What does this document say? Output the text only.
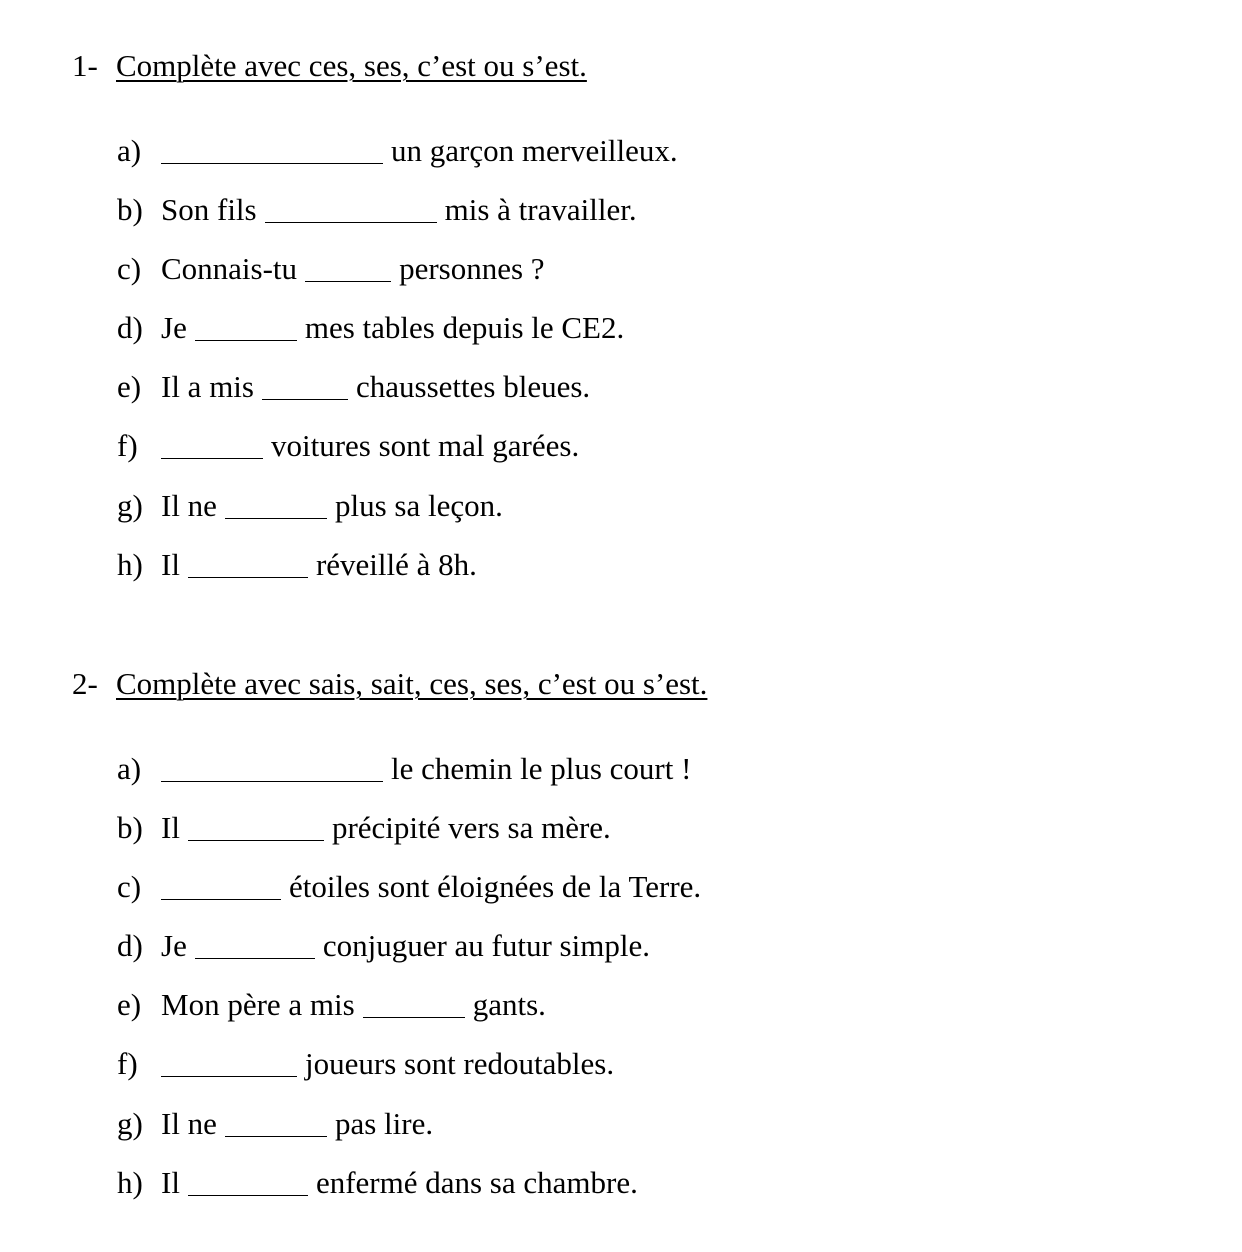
1- Complète avec ces, ses, c’est ou s’est.
a)	un garçon merveilleux.
b) Son fils	mis à travailler.
c) Connais-tu	personnes ?
d) Je	mes tables depuis le CE2.
e) Il a mis	chaussettes bleues.
f)	voitures sont mal garées.
g) Il ne	plus sa leçon.
h) Il	réveillé à 8h.
2- Complète avec sais, sait, ces, ses, c’est ou s’est.
a)	le chemin le plus court !
b) Il	précipité vers sa mère.
c)	étoiles sont éloignées de la Terre.
d) Je	conjuguer au futur simple.
e) Mon père a mis	gants.
f)	joueurs sont redoutables.
g) Il ne	pas lire.
h) Il	enfermé dans sa chambre.
